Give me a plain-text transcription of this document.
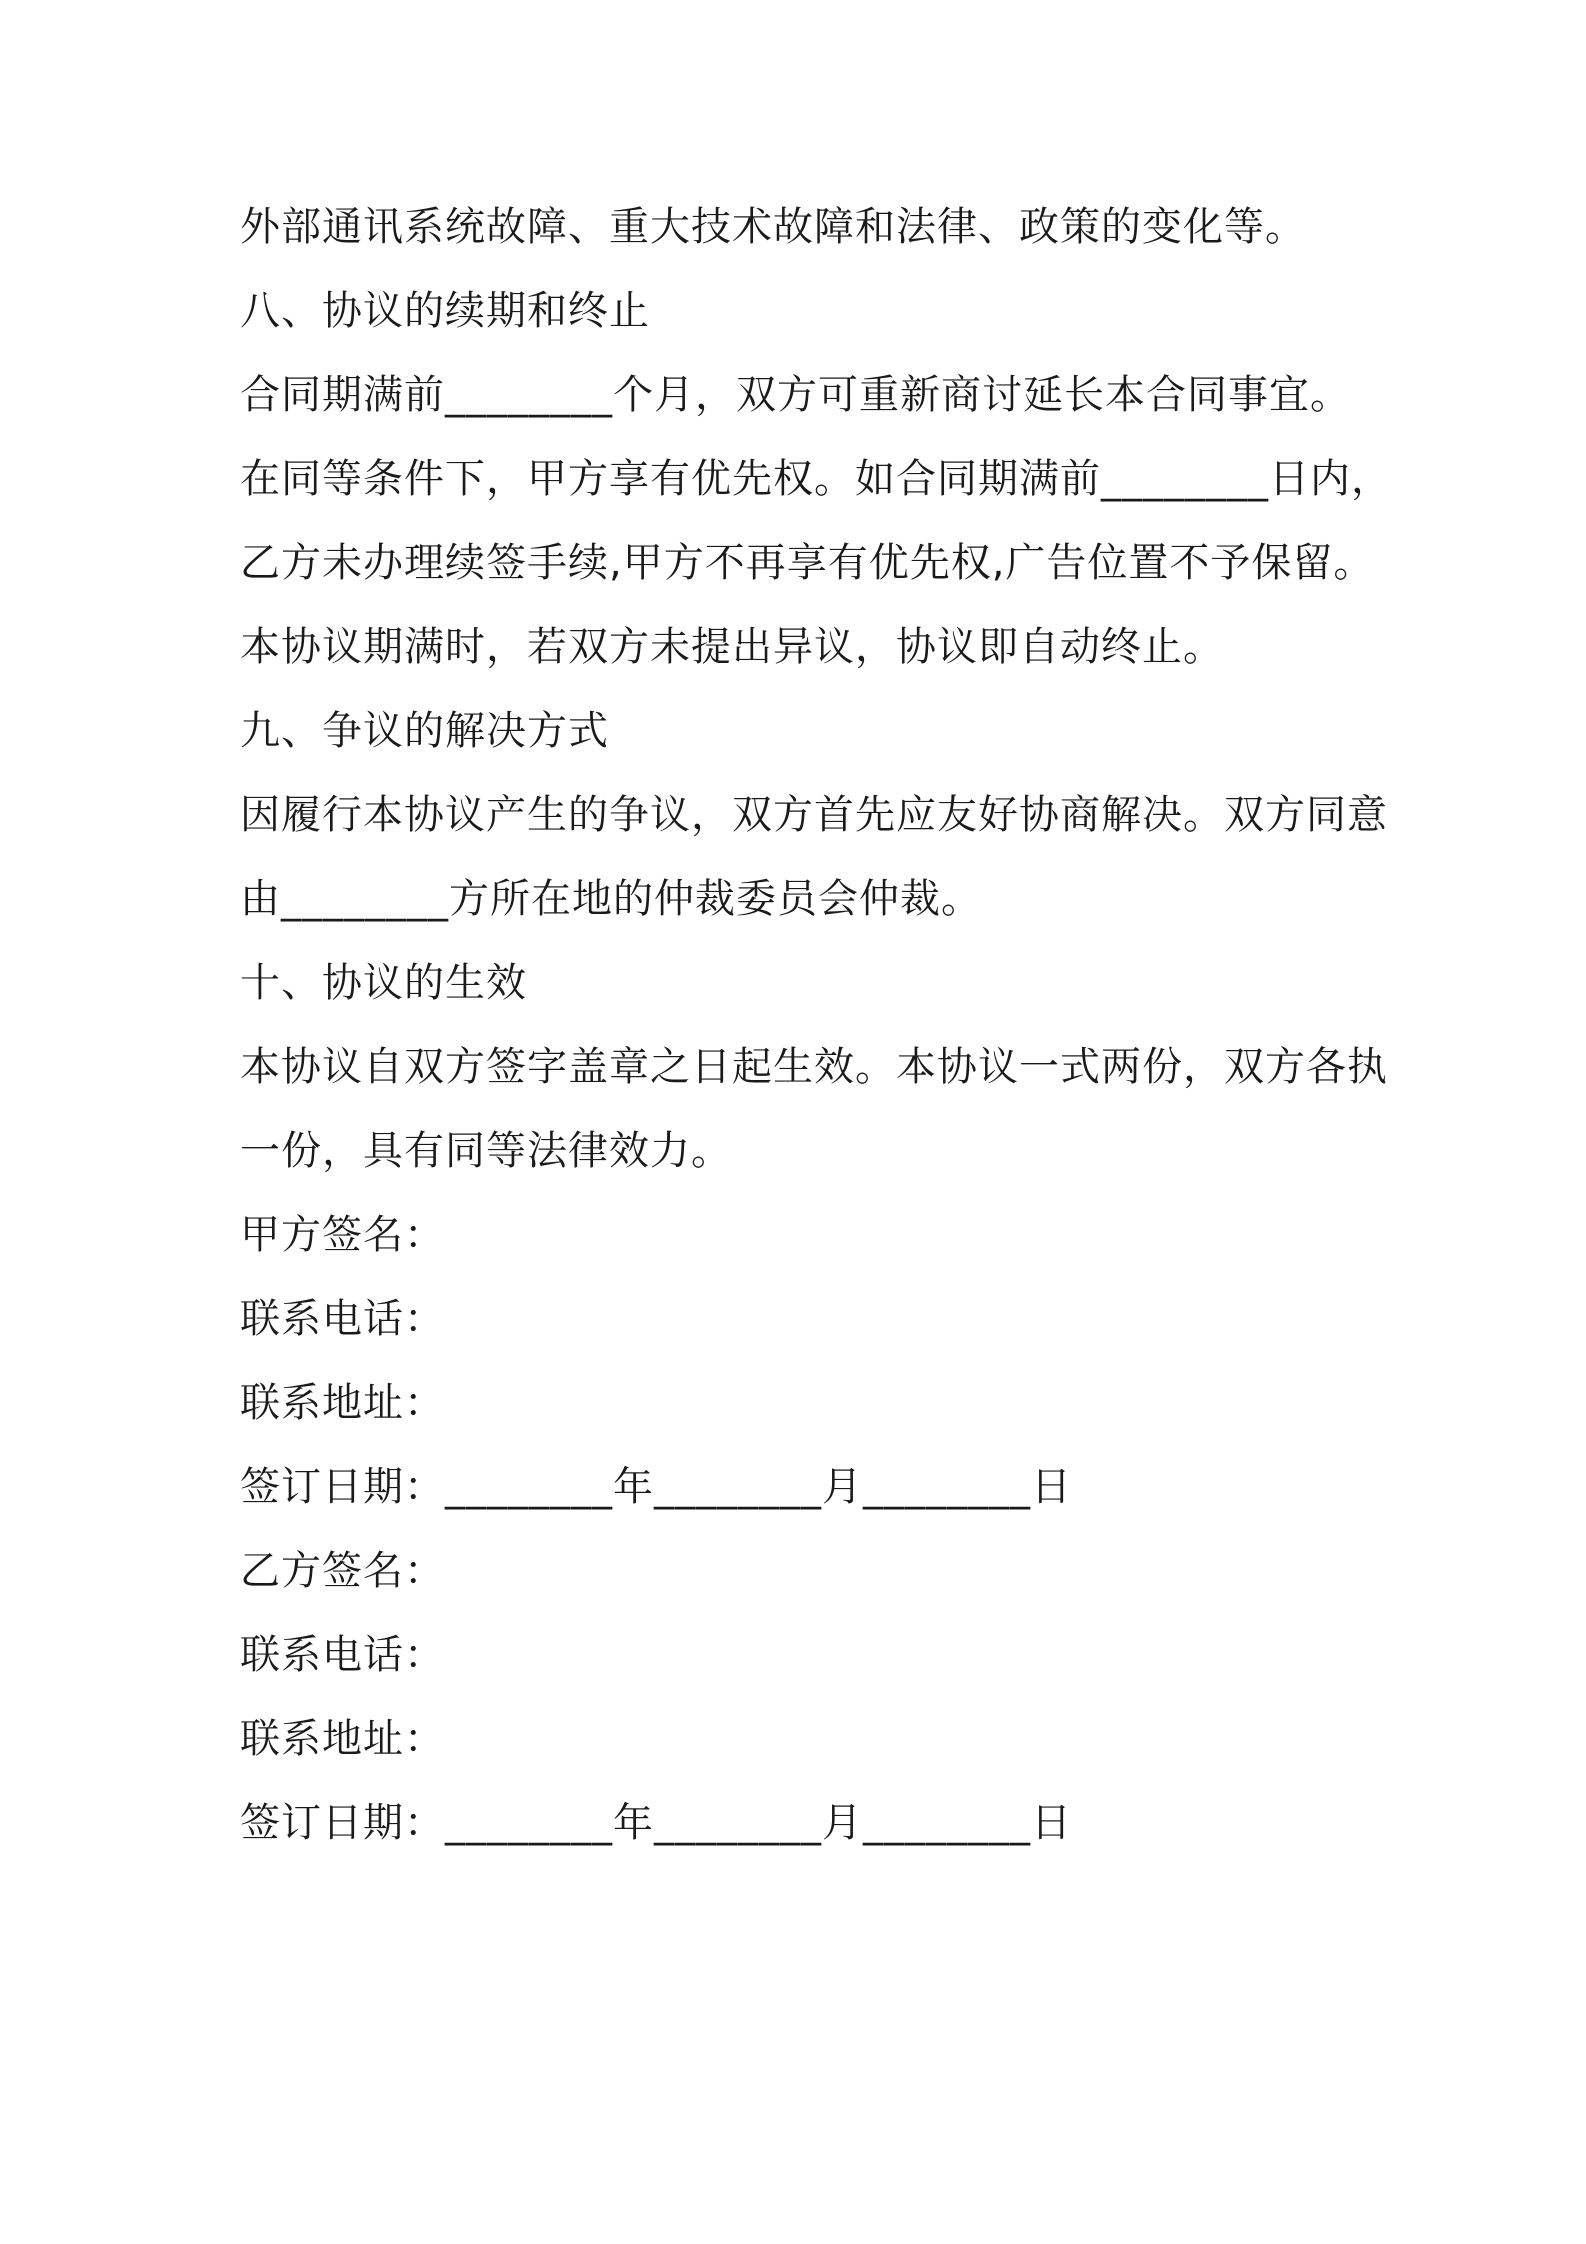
外部通讯系统故障、重大技术故障和法律、政策的变化等。
八、协议的续期和终止
合同期满前________个月，双方可重新商讨延长本合同事宜。
在同等条件下，甲方享有优先权。如合同期满前________日内，
乙方未办理续签手续,甲方不再享有优先权,广告位置不予保留。
本协议期满时，若双方未提出异议，协议即自动终止。
九、争议的解决方式
因履行本协议产生的争议，双方首先应友好协商解决。双方同意
由________方所在地的仲裁委员会仲裁。
十、协议的生效
本协议自双方签字盖章之日起生效。本协议一式两份，双方各执
一份，具有同等法律效力。
甲方签名：
联系电话：
联系地址：
签订日期：________年________月________日
乙方签名：
联系电话：
联系地址：
签订日期：________年________月________日
